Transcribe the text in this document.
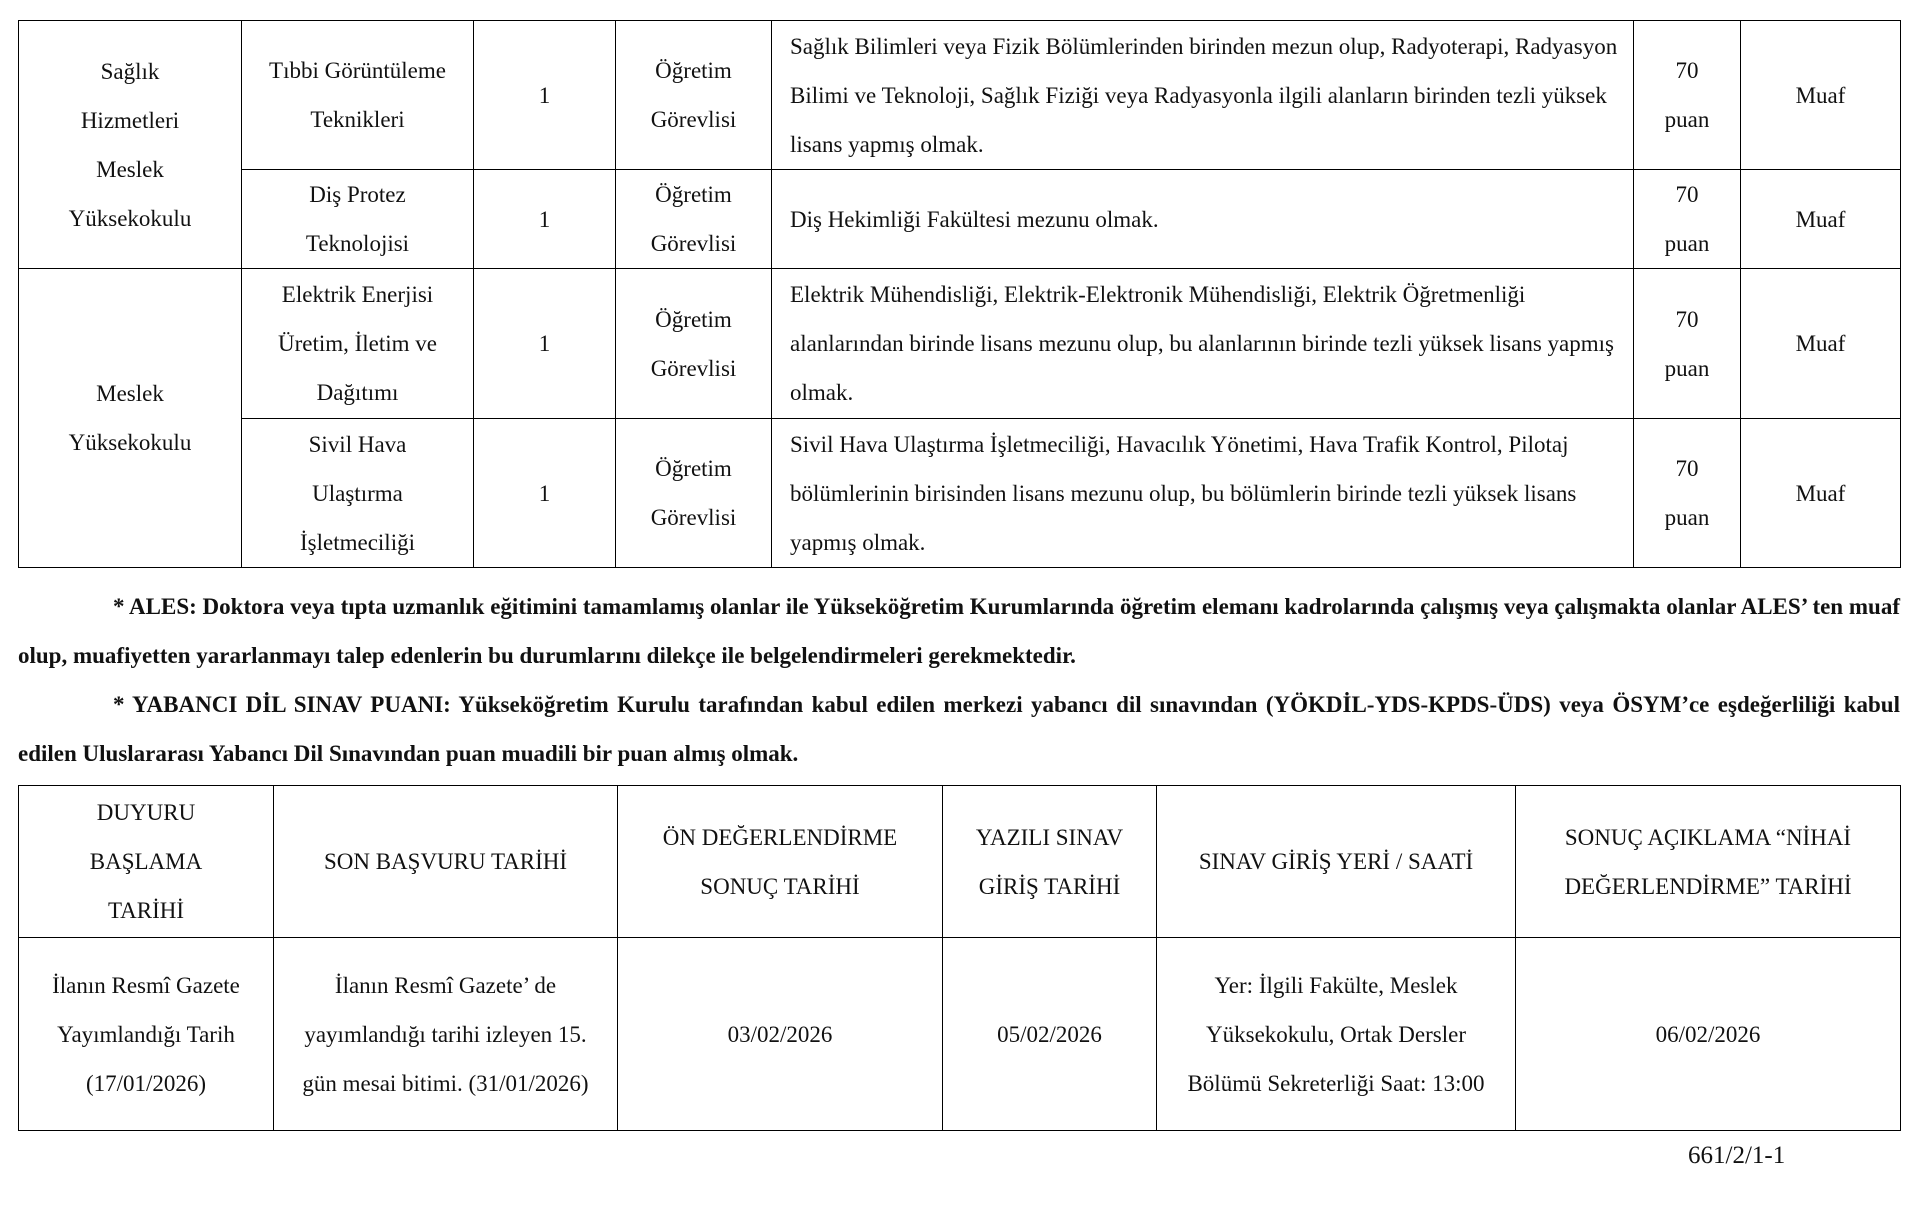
Sağlık Hizmetleri Meslek Yüksekokulu	Tıbbi Görüntüleme Teknikleri	1	Öğretim Görevlisi	Sağlık Bilimleri veya Fizik Bölümlerinden birinden mezun olup, Radyoterapi, Radyasyon Bilimi ve Teknoloji, Sağlık Fiziği veya Radyasyonla ilgili alanların birinden tezli yüksek lisans yapmış olmak.	70 puan	Muaf
	Diş Protez Teknolojisi	1	Öğretim Görevlisi	Diş Hekimliği Fakültesi mezunu olmak.	70 puan	Muaf
Meslek Yüksekokulu	Elektrik Enerjisi Üretim, İletim ve Dağıtımı	1	Öğretim Görevlisi	Elektrik Mühendisliği, Elektrik-Elektronik Mühendisliği, Elektrik Öğretmenliği alanlarından birinde lisans mezunu olup, bu alanlarının birinde tezli yüksek lisans yapmış olmak.	70 puan	Muaf
	Sivil Hava Ulaştırma İşletmeciliği	1	Öğretim Görevlisi	Sivil Hava Ulaştırma İşletmeciliği, Havacılık Yönetimi, Hava Trafik Kontrol, Pilotaj bölümlerinin birisinden lisans mezunu olup, bu bölümlerin birinde tezli yüksek lisans yapmış olmak.	70 puan	Muaf

* ALES: Doktora veya tıpta uzmanlık eğitimini tamamlamış olanlar ile Yükseköğretim Kurumlarında öğretim elemanı kadrolarında çalışmış veya çalışmakta olanlar ALES’ ten muaf olup, muafiyetten yararlanmayı talep edenlerin bu durumlarını dilekçe ile belgelendirmeleri gerekmektedir.

* YABANCI DİL SINAV PUANI: Yükseköğretim Kurulu tarafından kabul edilen merkezi yabancı dil sınavından (YÖKDİL-YDS-KPDS-ÜDS) veya ÖSYM’ce eşdeğerliliği kabul edilen Uluslararası Yabancı Dil Sınavından puan muadili bir puan almış olmak.

DUYURU BAŞLAMA TARİHİ	SON BAŞVURU TARİHİ	ÖN DEĞERLENDİRME SONUÇ TARİHİ	YAZILI SINAV GİRİŞ TARİHİ	SINAV GİRİŞ YERİ / SAATİ	SONUÇ AÇIKLAMA “NİHAİ DEĞERLENDİRME” TARİHİ
İlanın Resmî Gazete Yayımlandığı Tarih (17/01/2026)	İlanın Resmî Gazete’ de yayımlandığı tarihi izleyen 15. gün mesai bitimi. (31/01/2026)	03/02/2026	05/02/2026	Yer: İlgili Fakülte, Meslek Yüksekokulu, Ortak Dersler Bölümü Sekreterliği Saat: 13:00	06/02/2026
661/2/1-1
